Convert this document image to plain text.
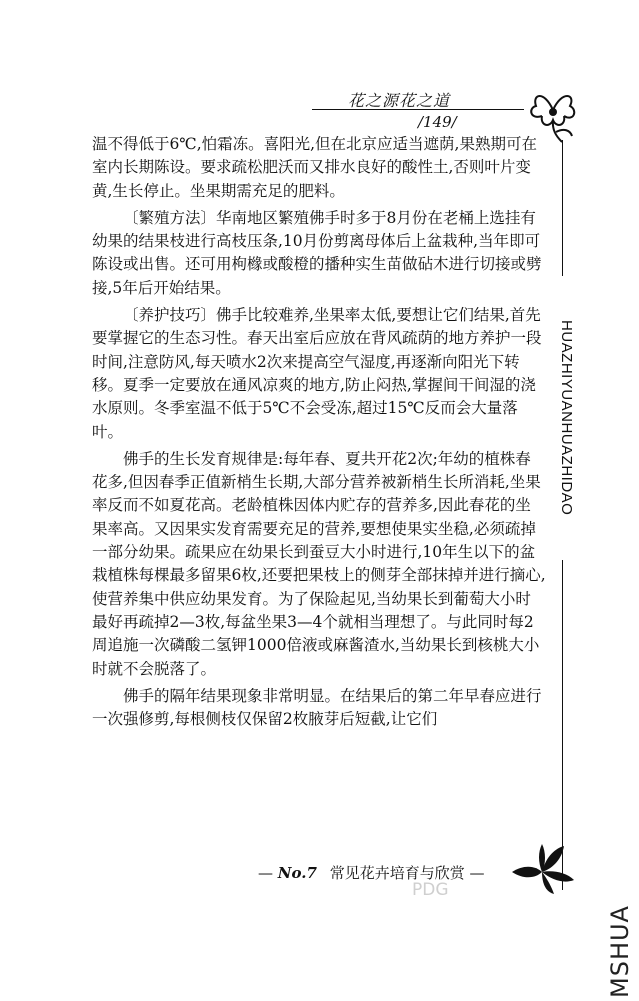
花之源花之道
/149/
HUAZHIYUANHUAZHIDAO

温不得低于6℃,怕霜冻。喜阳光,但在北京应适当遮荫,果熟期可在室内长期陈设。要求疏松肥沃而又排水良好的酸性土,否则叶片变黄,生长停止。坐果期需充足的肥料。

〔繁殖方法〕华南地区繁殖佛手时多于8月份在老桶上选挂有幼果的结果枝进行高枝压条,10月份剪离母体后上盆栽种,当年即可陈设或出售。还可用枸橼或酸橙的播种实生苗做砧木进行切接或劈接,5年后开始结果。

〔养护技巧〕佛手比较难养,坐果率太低,要想让它们结果,首先要掌握它的生态习性。春天出室后应放在背风疏荫的地方养护一段时间,注意防风,每天喷水2次来提高空气湿度,再逐渐向阳光下转移。夏季一定要放在通风凉爽的地方,防止闷热,掌握间干间湿的浇水原则。冬季室温不低于5℃不会受冻,超过15℃反而会大量落叶。

佛手的生长发育规律是:每年春、夏共开花2次;年幼的植株春花多,但因春季正值新梢生长期,大部分营养被新梢生长所消耗,坐果率反而不如夏花高。老龄植株因体内贮存的营养多,因此春花的坐果率高。又因果实发育需要充足的营养,要想使果实坐稳,必须疏掉一部分幼果。疏果应在幼果长到蚕豆大小时进行,10年生以下的盆栽植株每棵最多留果6枚,还要把果枝上的侧芽全部抹掉并进行摘心,使营养集中供应幼果发育。为了保险起见,当幼果长到葡萄大小时最好再疏掉2—3枚,每盆坐果3—4个就相当理想了。与此同时每2周追施一次磷酸二氢钾1000倍液或麻酱渣水,当幼果长到核桃大小时就不会脱落了。

佛手的隔年结果现象非常明显。在结果后的第二年早春应进行一次强修剪,每根侧枝仅保留2枚腋芽后短截,让它们

PDG
— No.7 常见花卉培育与欣赏 —
MSHUA
